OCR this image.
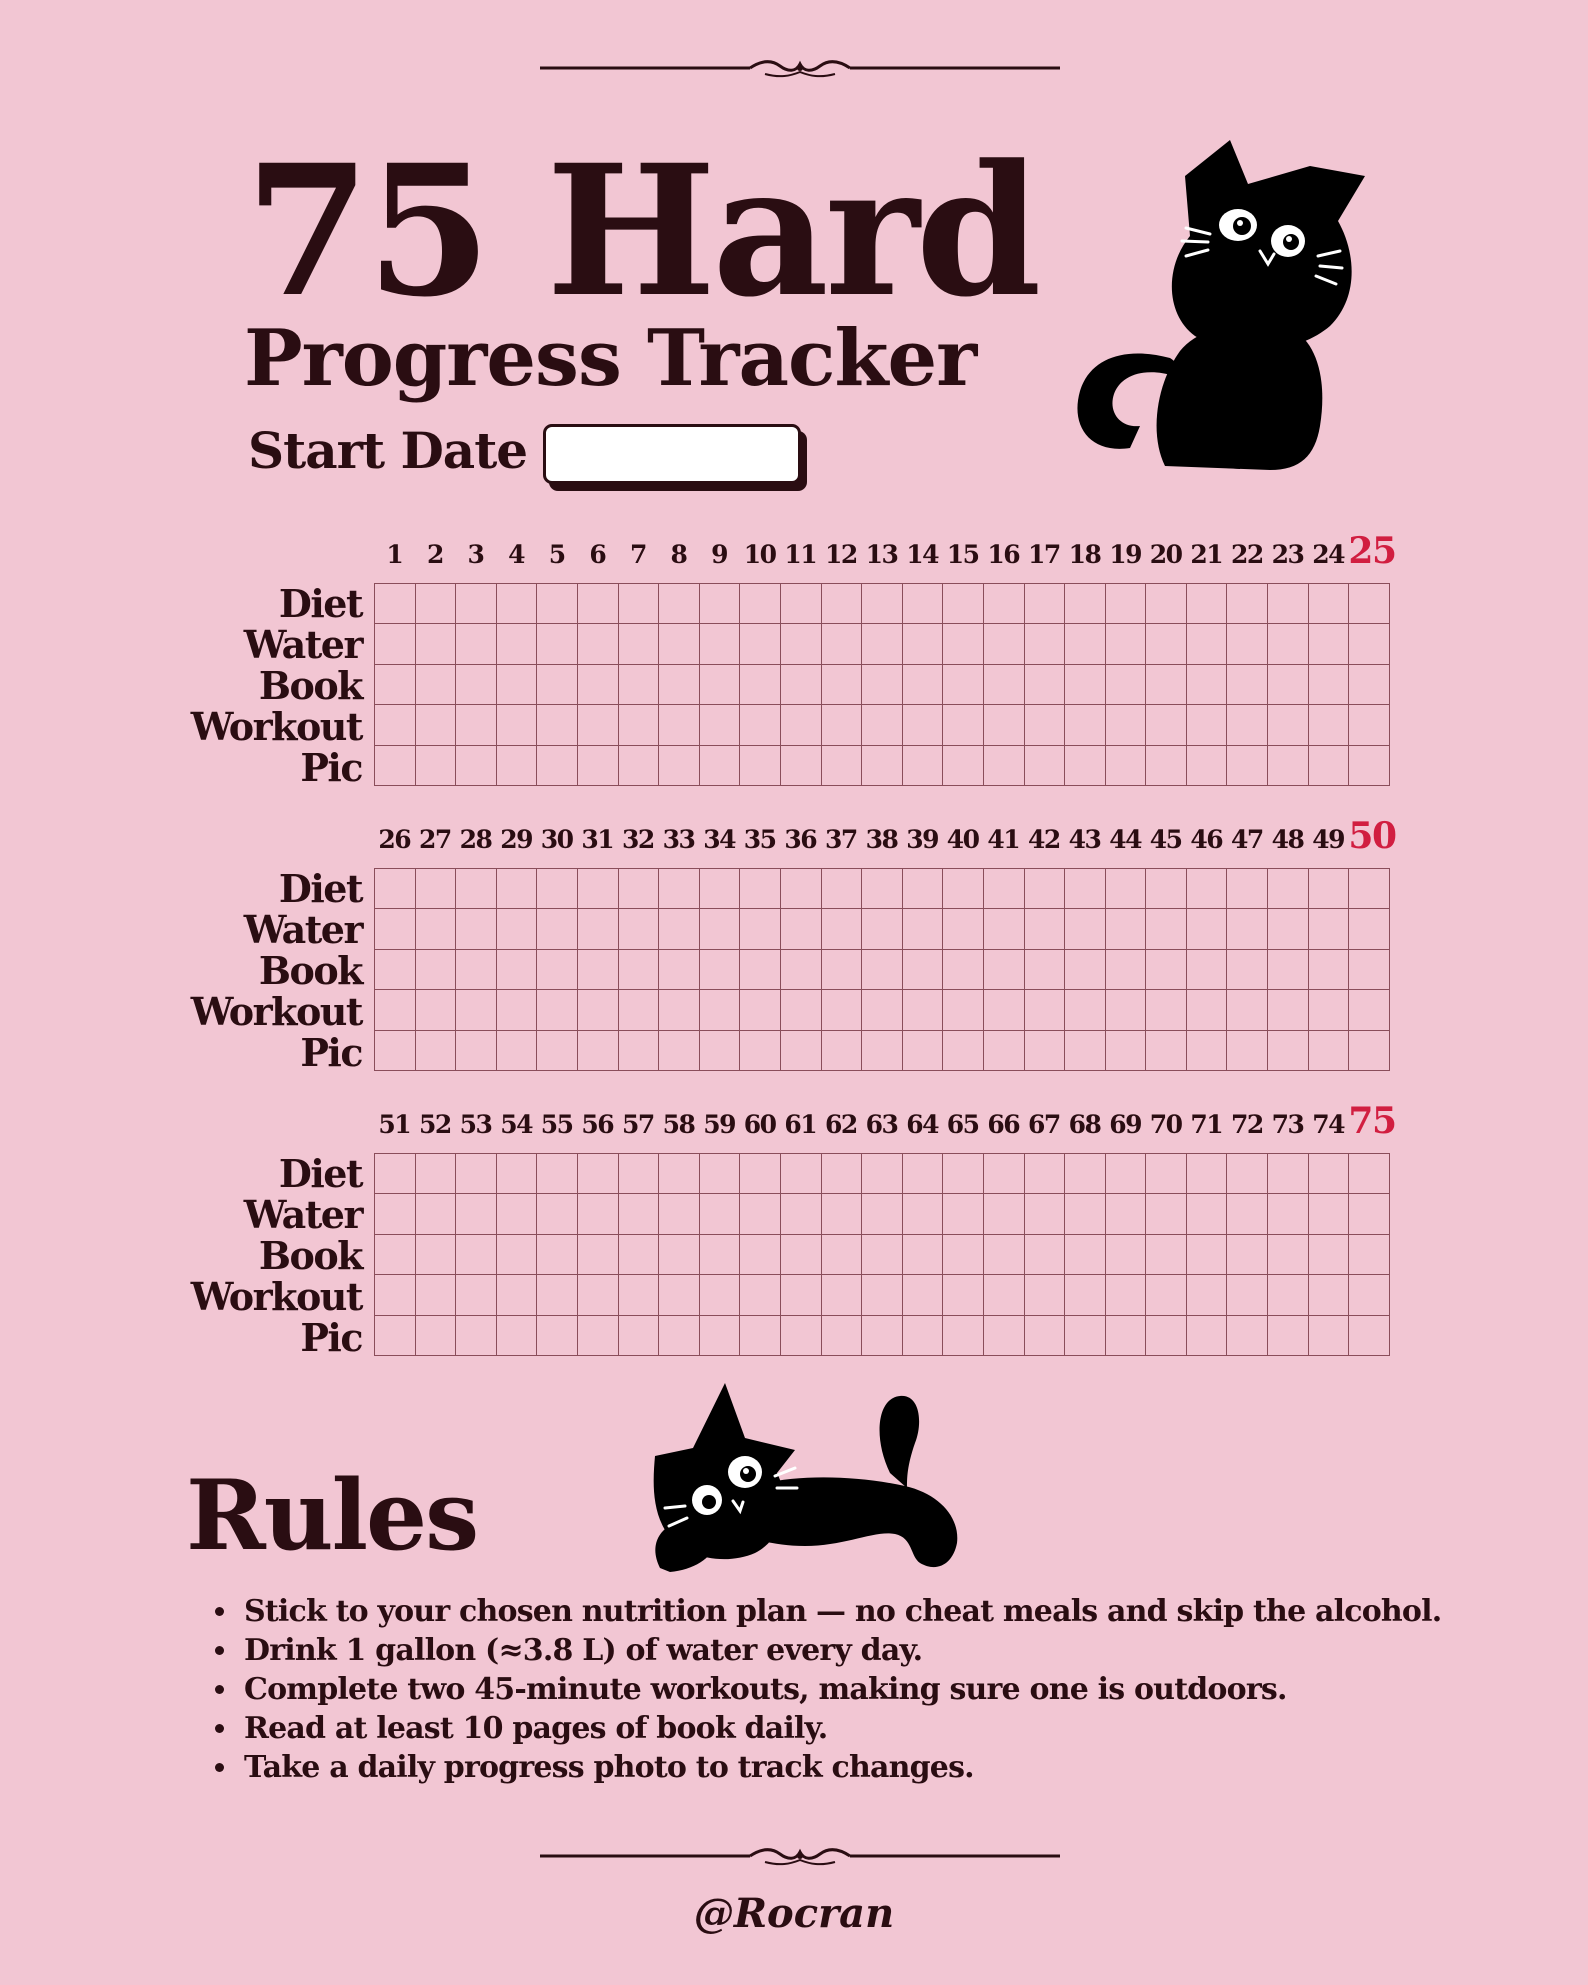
75 Hard
Progress Tracker
Start Date
1 2 3 4 5 6 7 8 9 10 11 12 13 14 15 16 17 18 19 20 21 22 23 24 25
Diet
Water
Book
Workout
Pic
26 27 28 29 30 31 32 33 34 35 36 37 38 39 40 41 42 43 44 45 46 47 48 49 50
Diet
Water
Book
Workout
Pic
51 52 53 54 55 56 57 58 59 60 61 62 63 64 65 66 67 68 69 70 71 72 73 74 75
Diet
Water
Book
Workout
Pic
Rules
• Stick to your chosen nutrition plan — no cheat meals and skip the alcohol.
• Drink 1 gallon (≈3.8 L) of water every day.
• Complete two 45-minute workouts, making sure one is outdoors.
• Read at least 10 pages of book daily.
• Take a daily progress photo to track changes.
@Rocran
